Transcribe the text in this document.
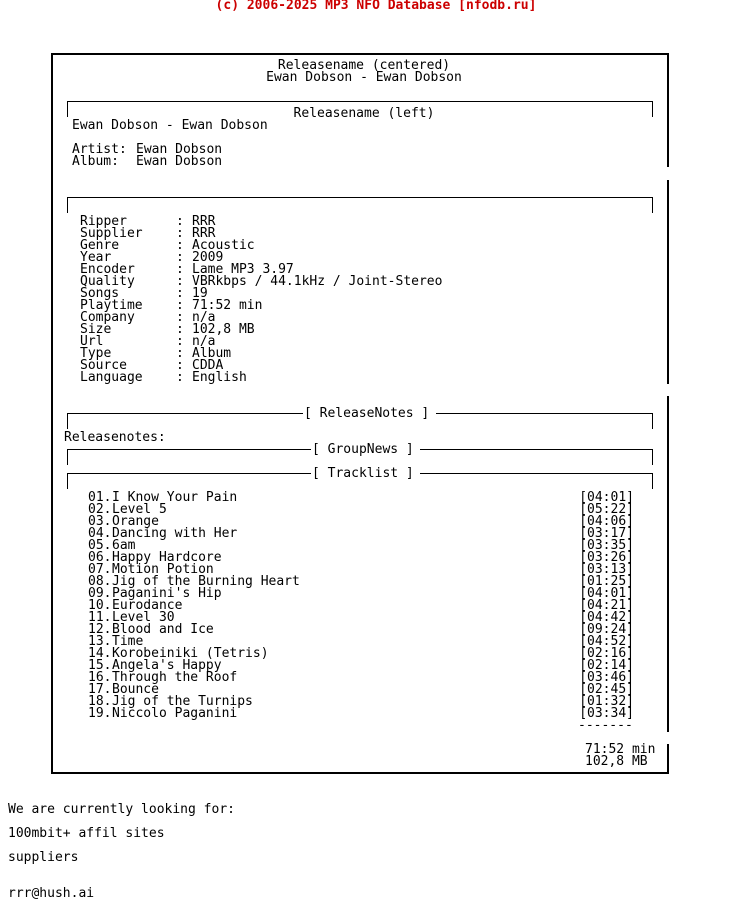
(c) 2006-2025 MP3 NFO Database [nfodb.ru]
Releasename (centered)
Ewan Dobson - Ewan Dobson
Releasename (left)
Ewan Dobson - Ewan Dobson
Artist: Ewan Dobson
Album: Ewan Dobson
Ripper	: RRR
Supplier	: RRR
Genre	: Acoustic
Year	: 2009
Encoder	: Lame MP3 3.97
Quality	: VBRkbps / 44.1kHz / Joint-Stereo
Songs	: 19
Playtime	: 71:52 min
Company	: n/a
Size	: 102,8 MB
Url	: n/a
Type	: Album
Source	: CDDA
Language	: English
[ ReleaseNotes ]
Releasenotes:
[ GroupNews ]
[ Tracklist ]
01. I Know Your Pain	[04:01]
02. Level 5	[05:22]
03. Orange	[04:06]
04. Dancing with Her	[03:17]
05. 6am	[03:35]
06. Happy Hardcore	[03:26]
07. Motion Potion	[03:13]
08. Jig of the Burning Heart	[01:25]
09. Paganini's Hip	[04:01]
10. Eurodance	[04:21]
11. Level 30	[04:42]
12. Blood and Ice	[09:24]
13. Time	[04:52]
14. Korobeiniki (Tetris)	[02:16]
15. Angela's Happy	[02:14]
16. Through the Roof	[03:46]
17. Bounce	[02:45]
18. Jig of the Turnips	[01:32]
19. Niccolo Paganini	[03:34]
-------
71:52 min
102,8 MB
We are currently looking for:
100mbit+ affil sites
suppliers
rrr@hush.ai
